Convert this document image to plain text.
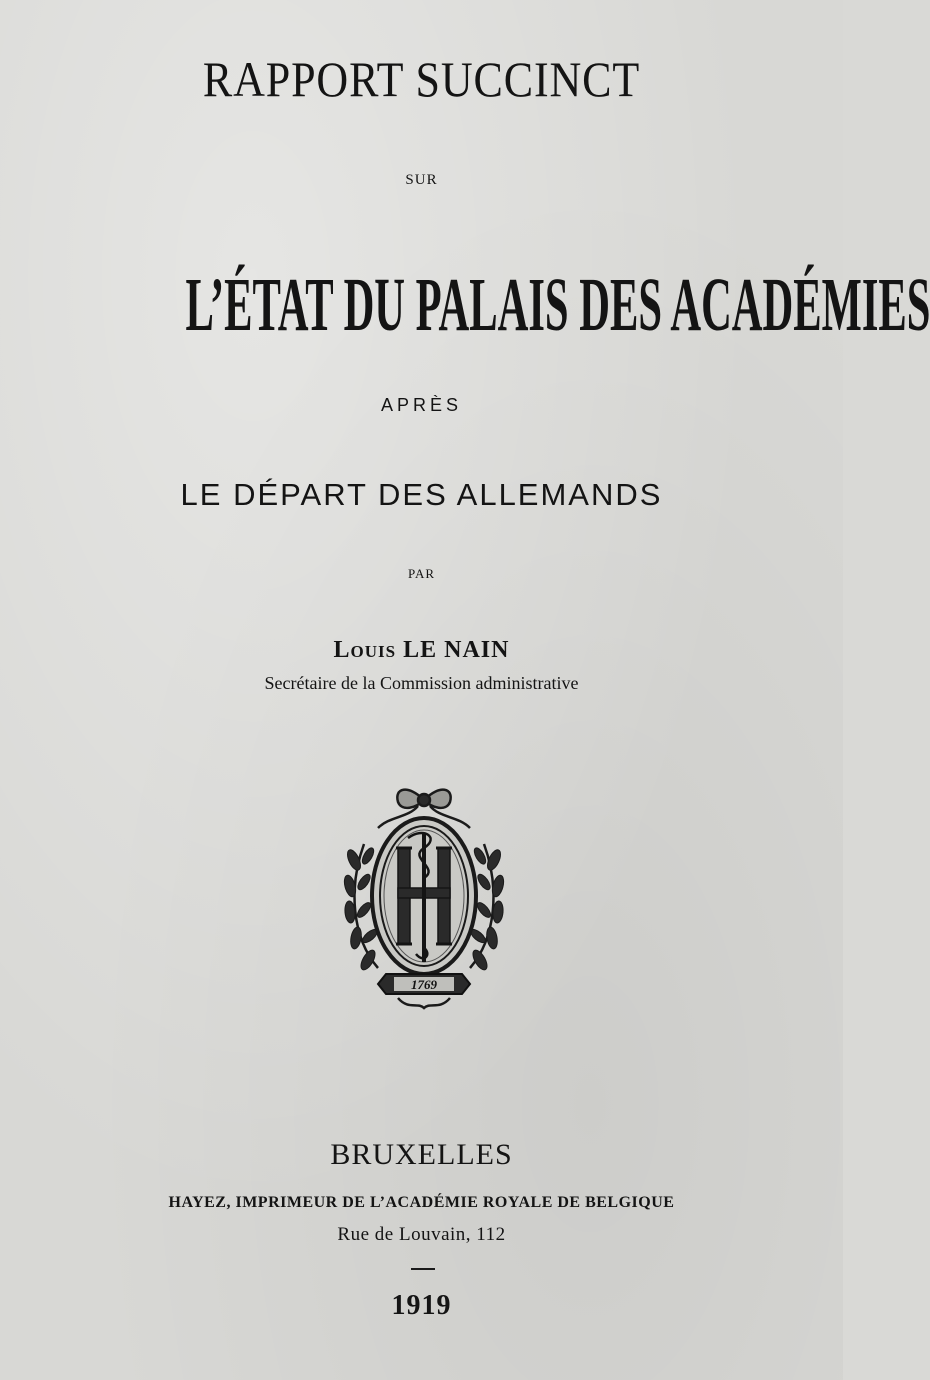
RAPPORT SUCCINCT
SUR
L’ÉTAT DU PALAIS DES ACADÉMIES
APRÈS
LE DÉPART DES ALLEMANDS
PAR
Louis LE NAIN
Secrétaire de la Commission administrative
1769
BRUXELLES
HAYEZ, IMPRIMEUR DE L’ACADÉMIE ROYALE DE BELGIQUE
Rue de Louvain, 112
1919
